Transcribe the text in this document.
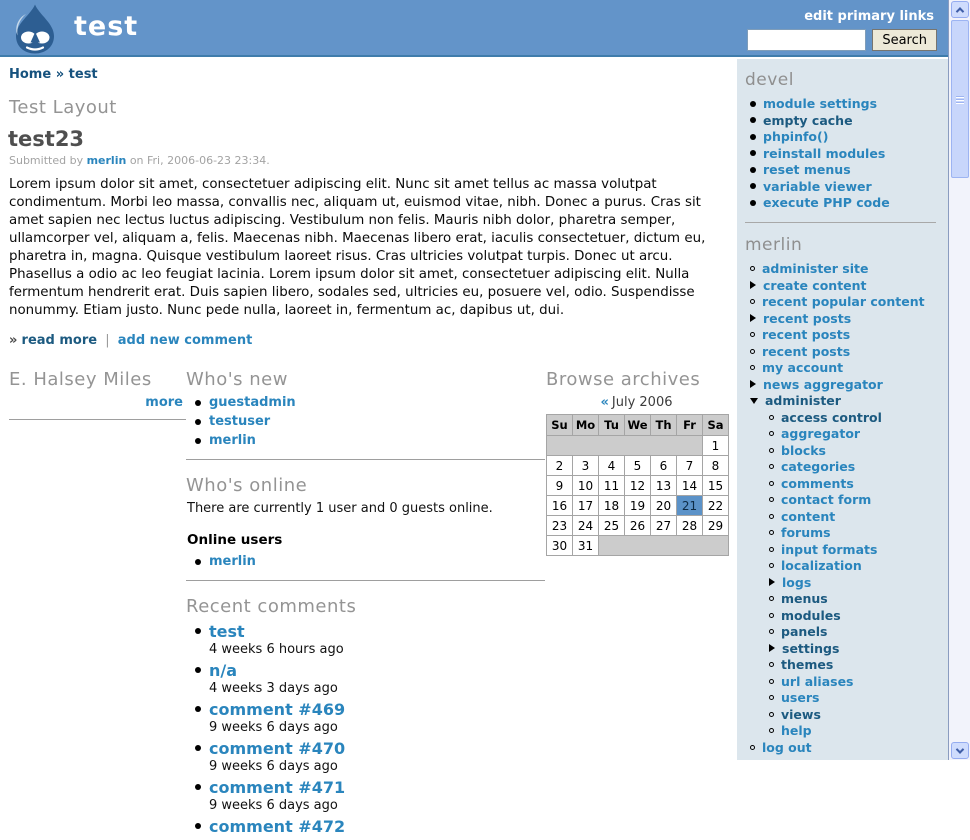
test	edit primary links
Search
Home » test
Test Layout
test23
Submitted by merlin on Fri, 2006-06-23 23:34.

Lorem ipsum dolor sit amet, consectetuer adipiscing elit. Nunc sit amet tellus ac massa volutpat condimentum. Morbi leo massa, convallis nec, aliquam ut, euismod vitae, nibh. Donec a purus. Cras sit amet sapien nec lectus luctus adipiscing. Vestibulum non felis. Mauris nibh dolor, pharetra semper, ullamcorper vel, aliquam a, felis. Maecenas nibh. Maecenas libero erat, iaculis consectetuer, dictum eu, pharetra in, magna. Quisque vestibulum laoreet risus. Cras ultricies volutpat turpis. Donec ut arcu. Phasellus a odio ac leo feugiat lacinia. Lorem ipsum dolor sit amet, consectetuer adipiscing elit. Nulla fermentum hendrerit erat. Duis sapien libero, sodales sed, ultricies eu, posuere vel, odio. Suspendisse nonummy. Etiam justo. Nunc pede nulla, laoreet in, fermentum ac, dapibus ut, dui.

» read more | add new comment
E. Halsey Miles
more
Who's new
guestadmin
testuser
merlin
Who's online
There are currently 1 user and 0 guests online.
Online users
merlin
Recent comments
test
4 weeks 6 hours ago
n/a
4 weeks 3 days ago
comment #469
9 weeks 6 days ago
comment #470
9 weeks 6 days ago
comment #471
9 weeks 6 days ago
comment #472
Browse archives
« July 2006
Su	Mo	Tu	We	Th	Fr	Sa
						1
2	3	4	5	6	7	8
9	10	11	12	13	14	15
16	17	18	19	20	21	22
23	24	25	26	27	28	29
30	31					
devel
module settings
empty cache
phpinfo()
reinstall modules
reset menus
variable viewer
execute PHP code
merlin
administer site
create content
recent popular content
recent posts
recent posts
recent posts
my account
news aggregator
administer
access control
aggregator
blocks
categories
comments
contact form
content
forums
input formats
localization
logs
menus
modules
panels
settings
themes
url aliases
users
views
help
log out
